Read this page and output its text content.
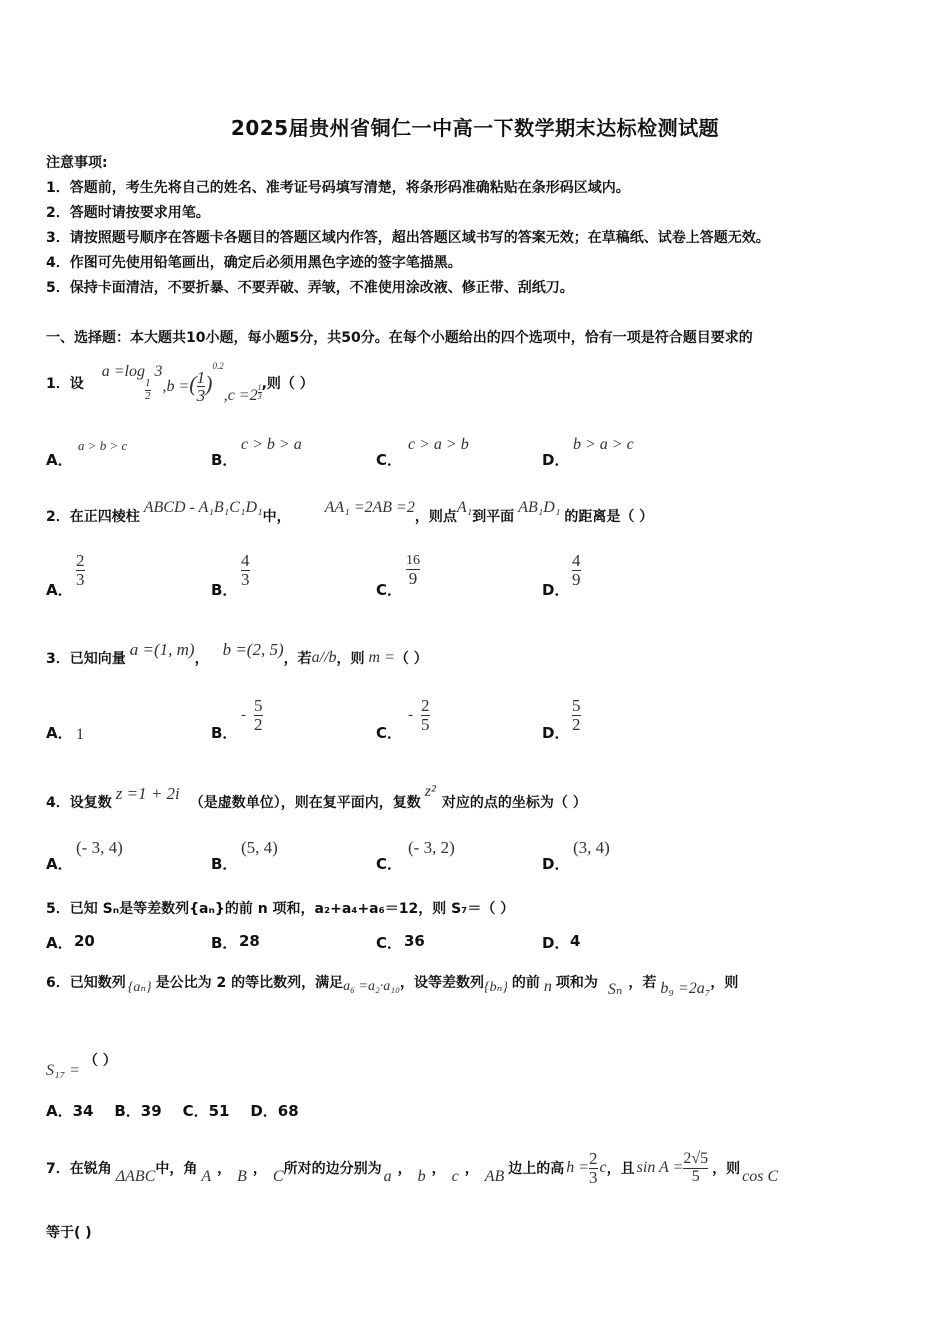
2025届贵州省铜仁一中高一下数学期末达标检测试题
注意事项:
1．答题前，考生先将自己的姓名、准考证号码填写清楚，将条形码准确粘贴在条形码区域内。
2．答题时请按要求用笔。
3．请按照题号顺序在答题卡各题目的答题区域内作答，超出答题区域书写的答案无效；在草稿纸、试卷上答题无效。
4．作图可先使用铅笔画出，确定后必须用黑色字迹的签字笔描黑。
5．保持卡面清洁，不要折暴、不要弄破、弄皱，不准使用涂改液、修正带、刮纸刀。
一、选择题：本大题共10小题，每小题5分，共50分。在每个小题给出的四个选项中，恰有一项是符合题目要求的
1．设
a =log
$\frac{1}{2}$
3
,b =( $\frac{1}{3} )^{0.2}$
$,c =2 \frac{1}{3}$ ,则（ ）
A．
a > b > c
B．
c > b > a
C．
c > a > b
D．
b > a > c
2．在正四棱柱
ABCD - A₁B₁C₁D₁
中，
AA₁ =2AB =2
，则点
A₁
到平面
AB₁D₁
的距离是（ ）
A．
$\frac{2}{3}$
B．
$\frac{4}{3}$
C．
$\frac{16}{9}$
D．
$\frac{4}{9}$
3．已知向量 a =(1, m) ， b =(2, 5) ，若 a//b ，则 m = （ ）
A． 1	B．
- $\frac{5}{2}$	C．
- $\frac{2}{5}$	D． $\frac{5}{2}$
4．设复数 z =1 + 2i （是虚数单位），则在复平面内，复数
z²
对应的点的坐标为（ ）
A．
(- 3, 4)
B．
(5, 4)
C．
(- 3, 2)
D．
(3, 4)
5．已知 Sₙ是等差数列{aₙ}的前 n 项和，a₂+a₄+a₆＝12，则 S₇＝（ ）
A． 20	B． 28	C． 36	D． 4
6．已知数列 {aₙ} 是公比为 2 的等比数列，满足 a₆ =a₂·a₁₀ ，设等差数列 {bₙ} 的前 n 项和为 Sₙ ，若 b₉ =2a₇ ，则
S₁₇ =
（ ）
A．34    B．39    C．51    D．68
7．在锐角 ΔABC 中，角 A ， B ， C 所对的边分别为 a ， b ， c ， AB 边上的高 $h = \frac{2}{3}$ c ，且 $\sin A = \frac{2√5}{5}$ ，则 cos C
等于( )
